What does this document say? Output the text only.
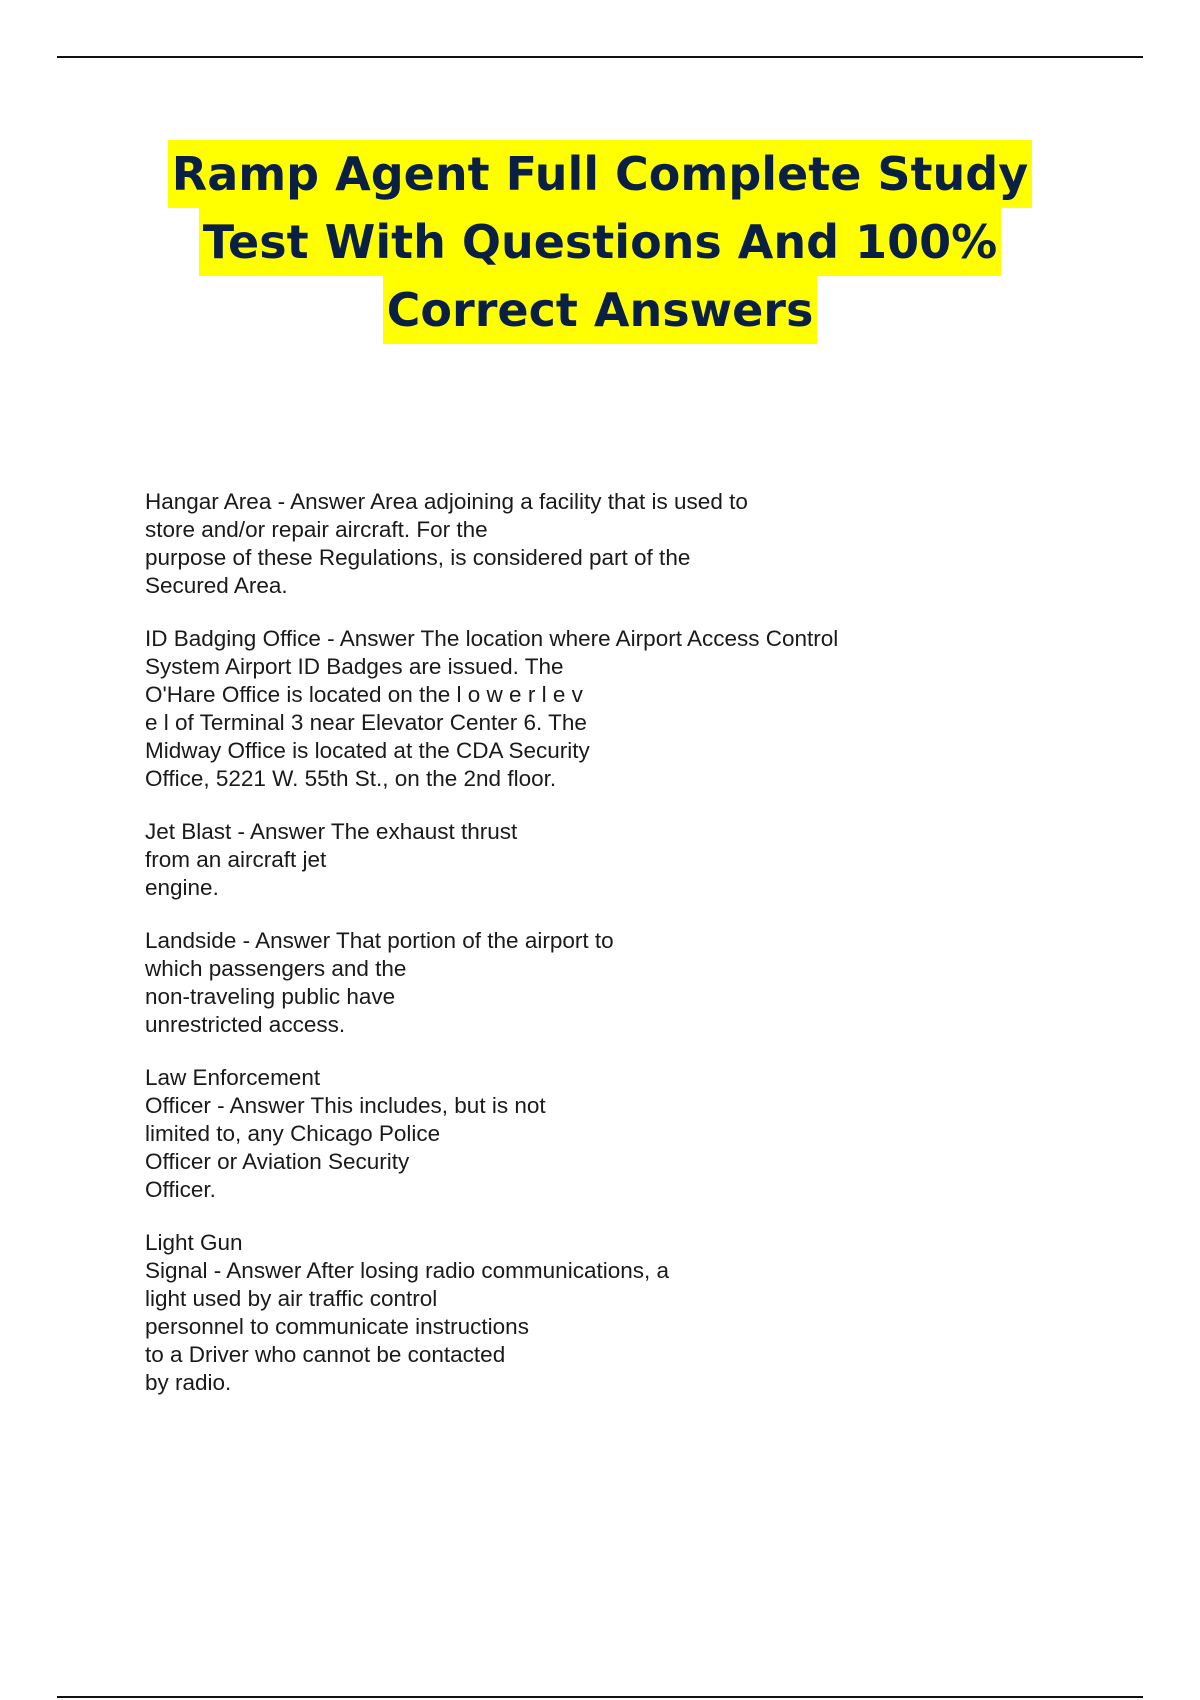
Ramp Agent Full Complete Study
Test With Questions And 100%
Correct Answers
Hangar Area - Answer Area adjoining a facility that is used to
store and/or repair aircraft. For the
purpose of these Regulations, is considered part of the
Secured Area.
ID Badging Office - Answer The location where Airport Access Control
System Airport ID Badges are issued. The
O'Hare Office is located on the l o w e r l e v
e l of Terminal 3 near Elevator Center 6. The
Midway Office is located at the CDA Security
Office, 5221 W. 55th St., on the 2nd floor.
Jet Blast - Answer The exhaust thrust
from an aircraft jet
engine.
Landside - Answer That portion of the airport to
which passengers and the
non-traveling public have
unrestricted access.
Law Enforcement
Officer - Answer This includes, but is not
limited to, any Chicago Police
Officer or Aviation Security
Officer.
Light Gun
Signal - Answer After losing radio communications, a
light used by air traffic control
personnel to communicate instructions
to a Driver who cannot be contacted
by radio.
